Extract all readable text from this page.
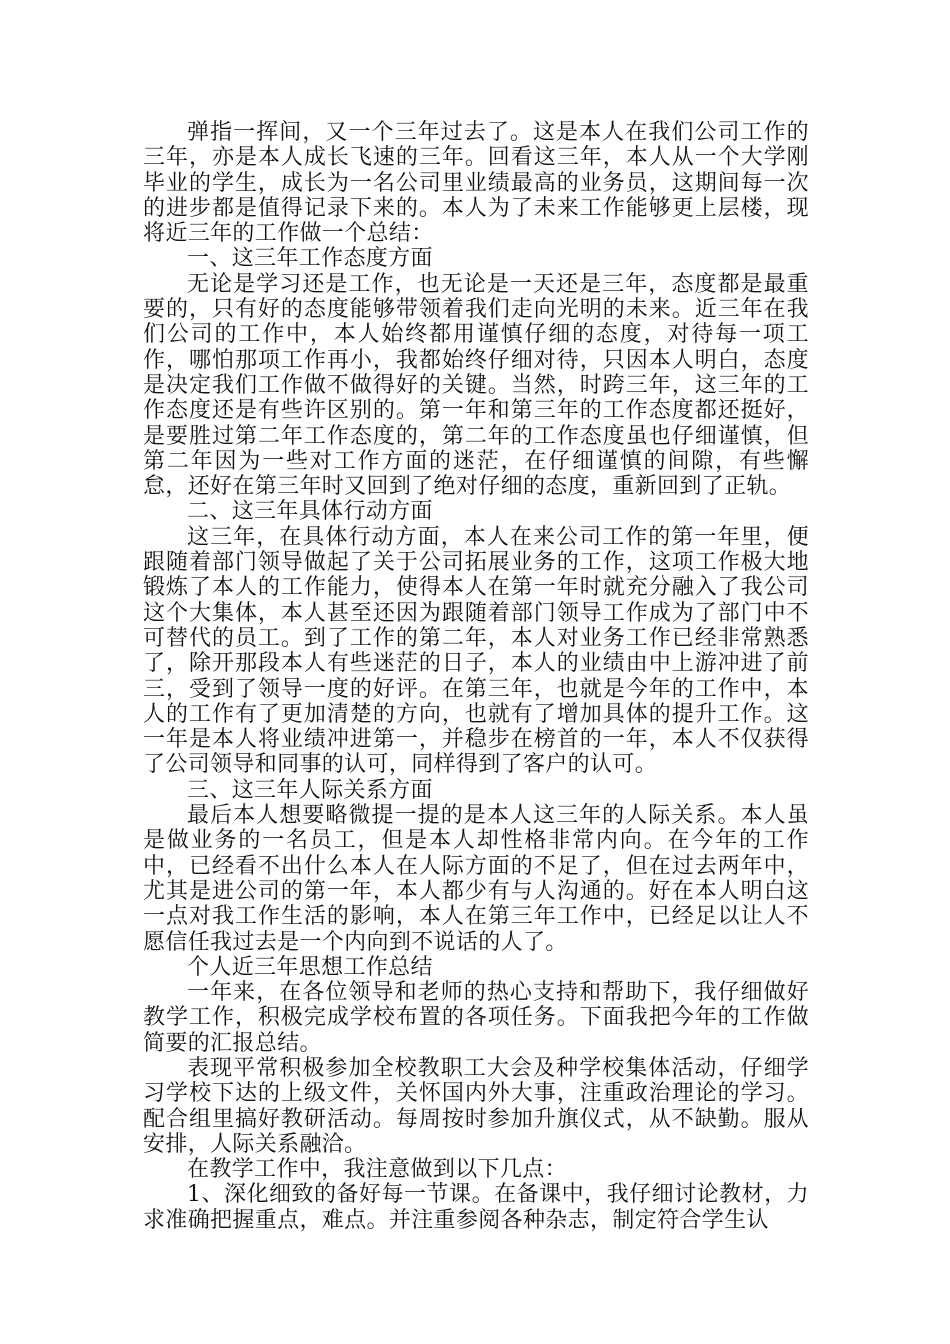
弹指一挥间，又一个三年过去了。这是本人在我们公司工作的三年，亦是本人成长飞速的三年。回看这三年，本人从一个大学刚毕业的学生，成长为一名公司里业绩最高的业务员，这期间每一次的进步都是值得记录下来的。本人为了未来工作能够更上层楼，现将近三年的工作做一个总结：

一、这三年工作态度方面

无论是学习还是工作，也无论是一天还是三年，态度都是最重要的，只有好的态度能够带领着我们走向光明的未来。近三年在我们公司的工作中，本人始终都用谨慎仔细的态度，对待每一项工作，哪怕那项工作再小，我都始终仔细对待，只因本人明白，态度是决定我们工作做不做得好的关键。当然，时跨三年，这三年的工作态度还是有些许区别的。第一年和第三年的工作态度都还挺好，是要胜过第二年工作态度的，第二年的工作态度虽也仔细谨慎，但第二年因为一些对工作方面的迷茫，在仔细谨慎的间隙，有些懈怠，还好在第三年时又回到了绝对仔细的态度，重新回到了正轨。

二、这三年具体行动方面

这三年，在具体行动方面，本人在来公司工作的第一年里，便跟随着部门领导做起了关于公司拓展业务的工作，这项工作极大地锻炼了本人的工作能力，使得本人在第一年时就充分融入了我公司这个大集体，本人甚至还因为跟随着部门领导工作成为了部门中不可替代的员工。到了工作的第二年，本人对业务工作已经非常熟悉了，除开那段本人有些迷茫的日子，本人的业绩由中上游冲进了前三，受到了领导一度的好评。在第三年，也就是今年的工作中，本人的工作有了更加清楚的方向，也就有了增加具体的提升工作。这一年是本人将业绩冲进第一，并稳步在榜首的一年，本人不仅获得了公司领导和同事的认可，同样得到了客户的认可。

三、这三年人际关系方面

最后本人想要略微提一提的是本人这三年的人际关系。本人虽是做业务的一名员工，但是本人却性格非常内向。在今年的工作中，已经看不出什么本人在人际方面的不足了，但在过去两年中，尤其是进公司的第一年，本人都少有与人沟通的。好在本人明白这一点对我工作生活的影响，本人在第三年工作中，已经足以让人不愿信任我过去是一个内向到不说话的人了。

个人近三年思想工作总结

一年来，在各位领导和老师的热心支持和帮助下，我仔细做好教学工作，积极完成学校布置的各项任务。下面我把今年的工作做简要的汇报总结。

表现平常积极参加全校教职工大会及种学校集体活动，仔细学习学校下达的上级文件，关怀国内外大事，注重政治理论的学习。配合组里搞好教研活动。每周按时参加升旗仪式，从不缺勤。服从安排，人际关系融洽。

在教学工作中，我注意做到以下几点：

1、深化细致的备好每一节课。在备课中，我仔细讨论教材，力求准确把握重点，难点。并注重参阅各种杂志，制定符合学生认
